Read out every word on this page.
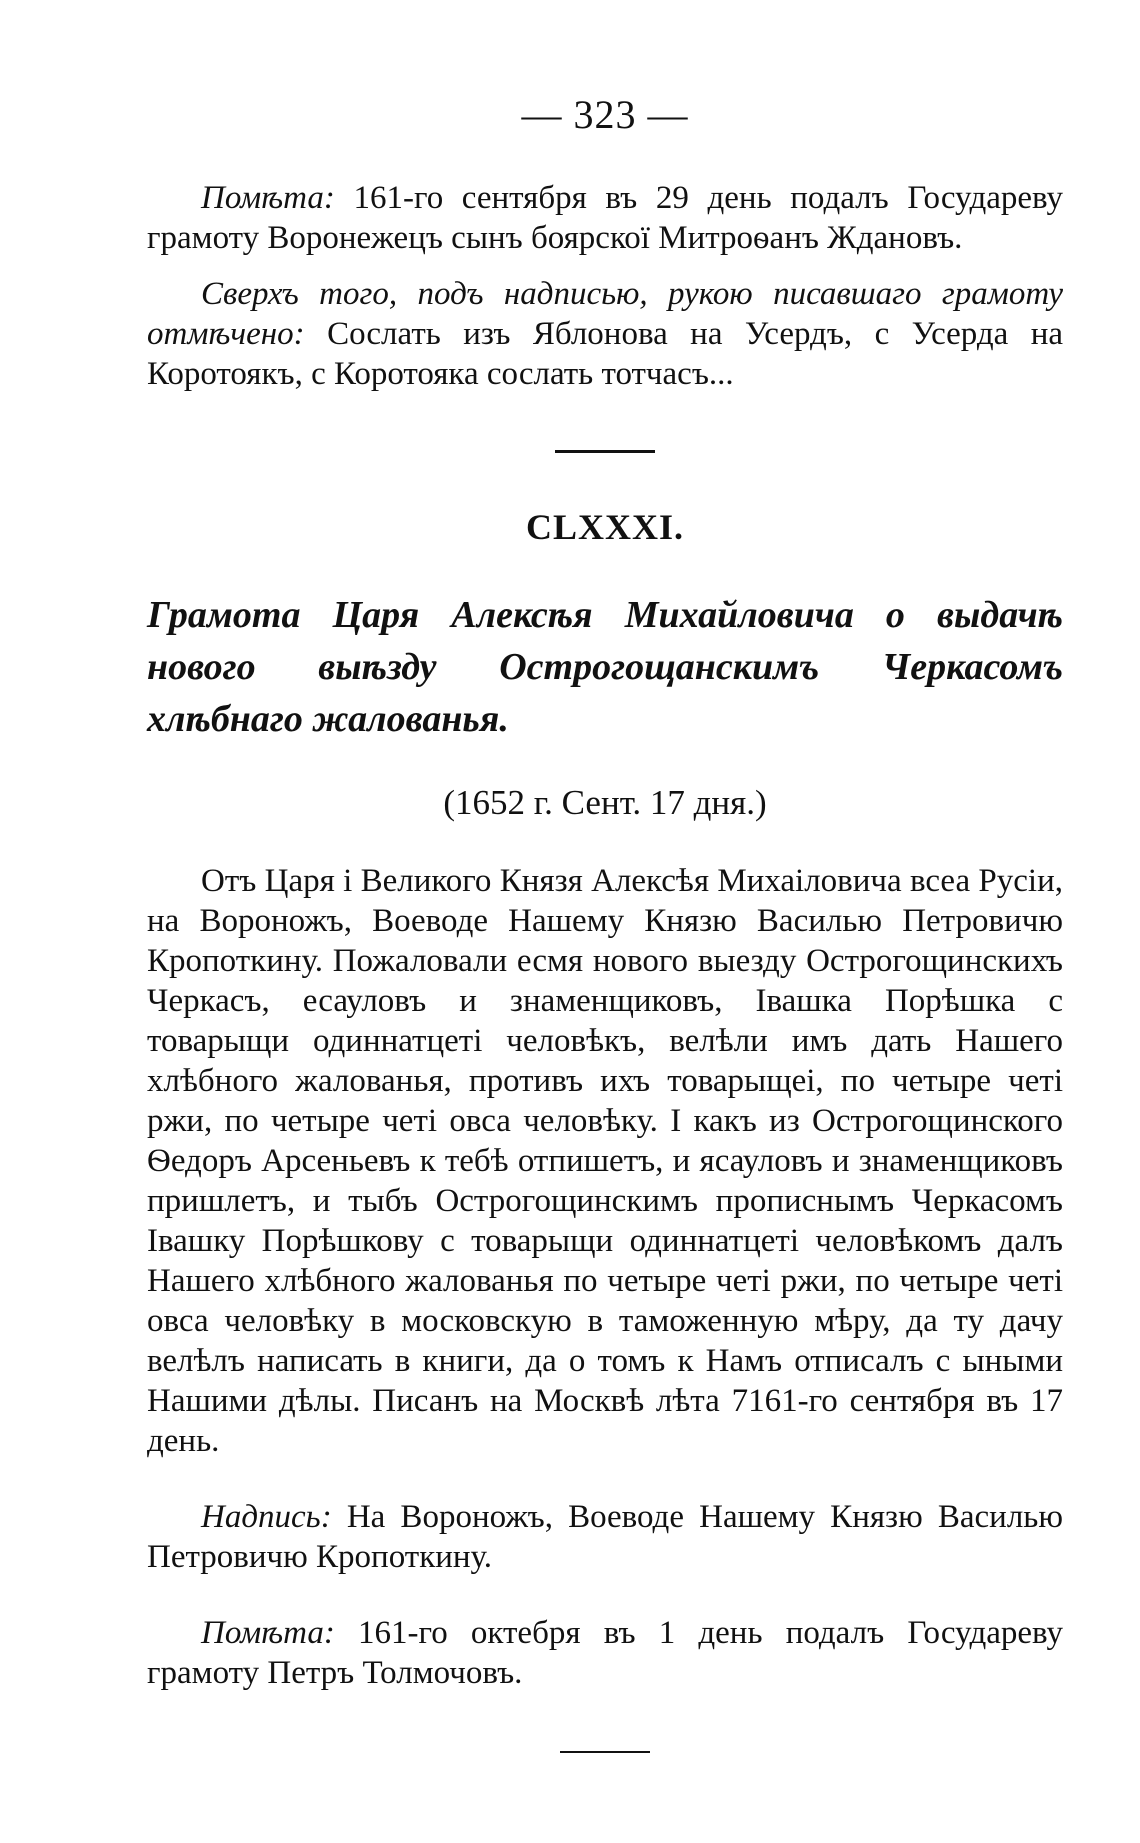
— 323 —

Помѣта: 161-го сентября въ 29 день подалъ Государеву грамоту Воронежецъ сынъ боярскої Митроѳанъ Ждановъ.

Сверхъ того, подъ надписью, рукою писавшаго грамоту отмѣчено: Сослать изъ Яблонова на Усердъ, с Усерда на Коротоякъ, с Коротояка сослать тотчасъ...

CLXXXI.
Грамота Царя Алексѣя Михайловича о выдачѣ нового выѣзду Острогощанскимъ Черкасомъ хлѣбнаго жалованья.
(1652 г. Сент. 17 дня.)

Отъ Царя і Великого Князя Алексѣя Михаiловича всеа Русiи, на Вороножъ, Воеводе Нашему Князю Василью Петровичю Кропоткину. Пожаловали есмя нового выезду Острогощинскихъ Черкасъ, есауловъ и знаменщиковъ, Івашка Порѣшка с товарыщи одиннатцетi человѣкъ, велѣли имъ дать Нашего хлѣбного жалованья, противъ ихъ товарыщеi, по четыре четi ржи, по четыре четi овса человѣку. І какъ из Острогощинского Ѳедоръ Арсеньевъ к тебѣ отпишетъ, и ясауловъ и знаменщиковъ пришлетъ, и тыбъ Острогощинскимъ прописнымъ Черкасомъ Івашку Порѣшкову с товарыщи одиннатцетi человѣкомъ далъ Нашего хлѣбного жалованья по четыре четi ржи, по четыре четi овса человѣку в московскую в таможенную мѣру, да ту дачу велѣлъ написать в книги, да о томъ к Намъ отписалъ с ыными Нашими дѣлы. Писанъ на Москвѣ лѣта 7161-го сентября въ 17 день.

Надпись: На Вороножъ, Воеводе Нашему Князю Василью Петровичю Кропоткину.

Помѣта: 161-го октебря въ 1 день подалъ Государеву грамоту Петръ Толмочовъ.
